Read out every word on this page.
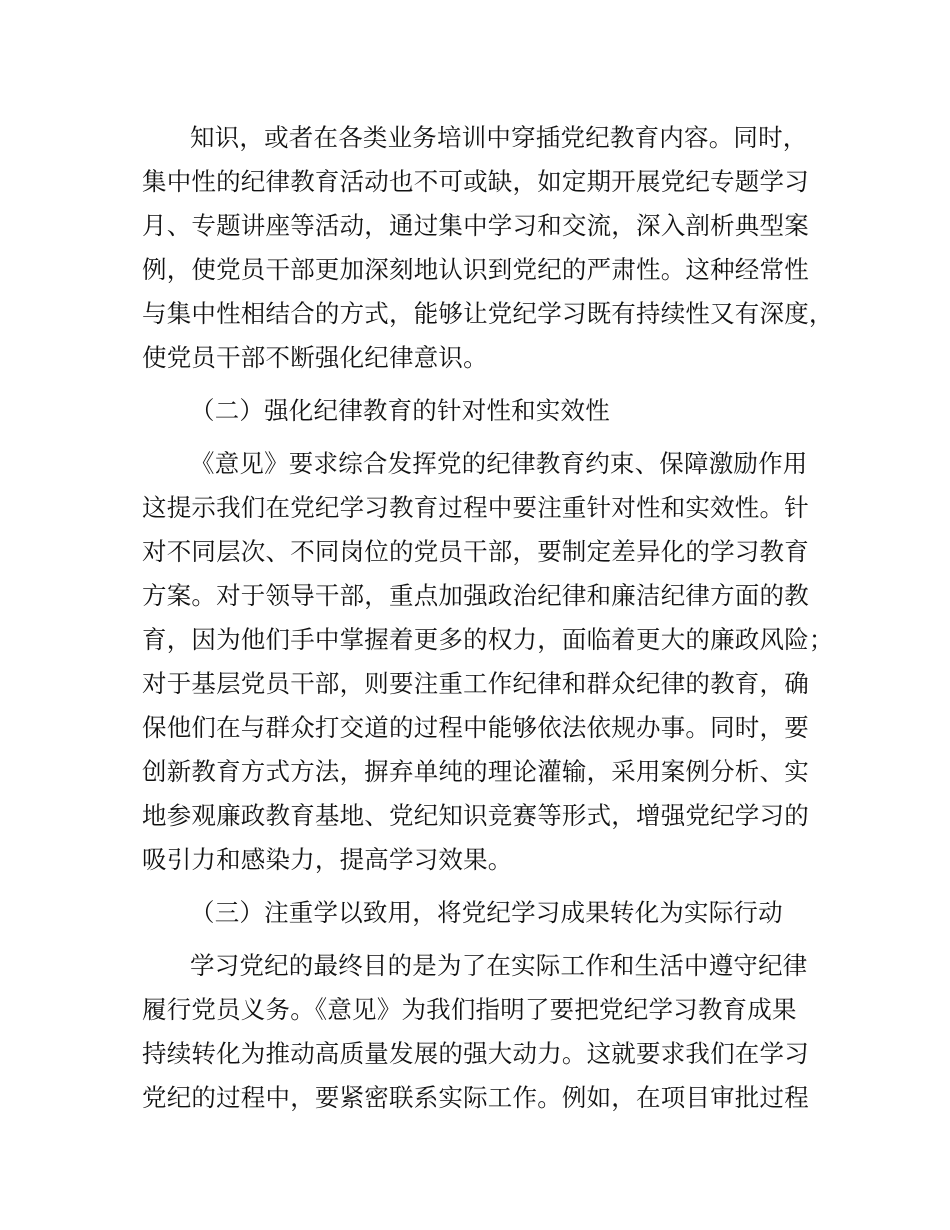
知识，或者在各类业务培训中穿插党纪教育内容。同时，
集中性的纪律教育活动也不可或缺，如定期开展党纪专题学习
月、专题讲座等活动，通过集中学习和交流，深入剖析典型案
例，使党员干部更加深刻地认识到党纪的严肃性。这种经常性
与集中性相结合的方式，能够让党纪学习既有持续性又有深度，
使党员干部不断强化纪律意识。
（二）强化纪律教育的针对性和实效性
《意见》要求综合发挥党的纪律教育约束、保障激励作用
这提示我们在党纪学习教育过程中要注重针对性和实效性。针
对不同层次、不同岗位的党员干部，要制定差异化的学习教育
方案。对于领导干部，重点加强政治纪律和廉洁纪律方面的教
育，因为他们手中掌握着更多的权力，面临着更大的廉政风险；
对于基层党员干部，则要注重工作纪律和群众纪律的教育，确
保他们在与群众打交道的过程中能够依法依规办事。同时，要
创新教育方式方法，摒弃单纯的理论灌输，采用案例分析、实
地参观廉政教育基地、党纪知识竞赛等形式，增强党纪学习的
吸引力和感染力，提高学习效果。
（三）注重学以致用，将党纪学习成果转化为实际行动
学习党纪的最终目的是为了在实际工作和生活中遵守纪律
履行党员义务。《意见》为我们指明了要把党纪学习教育成果
持续转化为推动高质量发展的强大动力。这就要求我们在学习
党纪的过程中，要紧密联系实际工作。例如，在项目审批过程
